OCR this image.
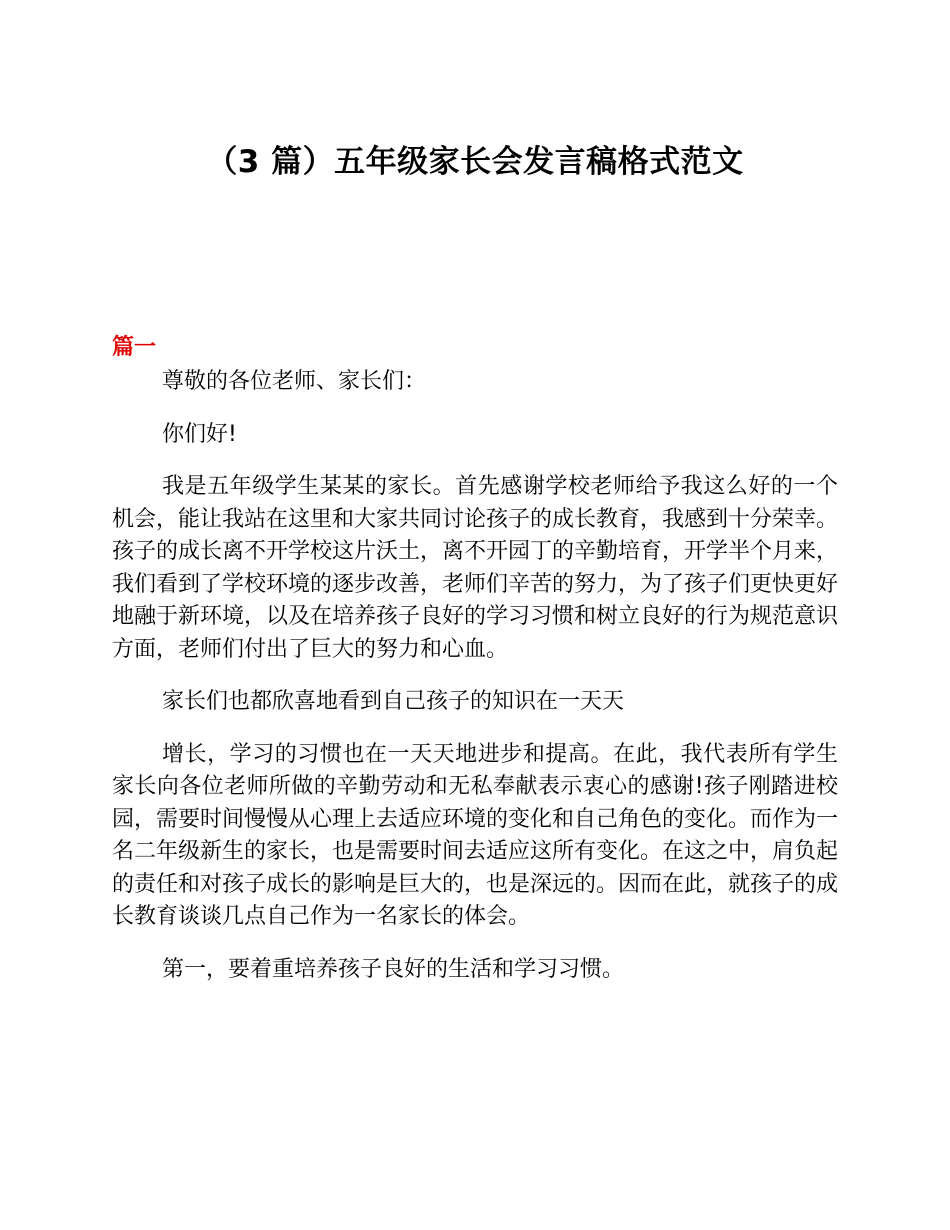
（3 篇）五年级家长会发言稿格式范文
篇一

尊敬的各位老师、家长们：

你们好!

我是五年级学生某某的家长。首先感谢学校老师给予我这么好的一个机会，能让我站在这里和大家共同讨论孩子的成长教育，我感到十分荣幸。孩子的成长离不开学校这片沃土，离不开园丁的辛勤培育，开学半个月来，我们看到了学校环境的逐步改善，老师们辛苦的努力，为了孩子们更快更好地融于新环境，以及在培养孩子良好的学习习惯和树立良好的行为规范意识方面，老师们付出了巨大的努力和心血。

家长们也都欣喜地看到自己孩子的知识在一天天

增长，学习的习惯也在一天天地进步和提高。在此，我代表所有学生家长向各位老师所做的辛勤劳动和无私奉献表示衷心的感谢!孩子刚踏进校园，需要时间慢慢从心理上去适应环境的变化和自己角色的变化。而作为一名二年级新生的家长，也是需要时间去适应这所有变化。在这之中，肩负起的责任和对孩子成长的影响是巨大的，也是深远的。因而在此，就孩子的成长教育谈谈几点自己作为一名家长的体会。

第一，要着重培养孩子良好的生活和学习习惯。
